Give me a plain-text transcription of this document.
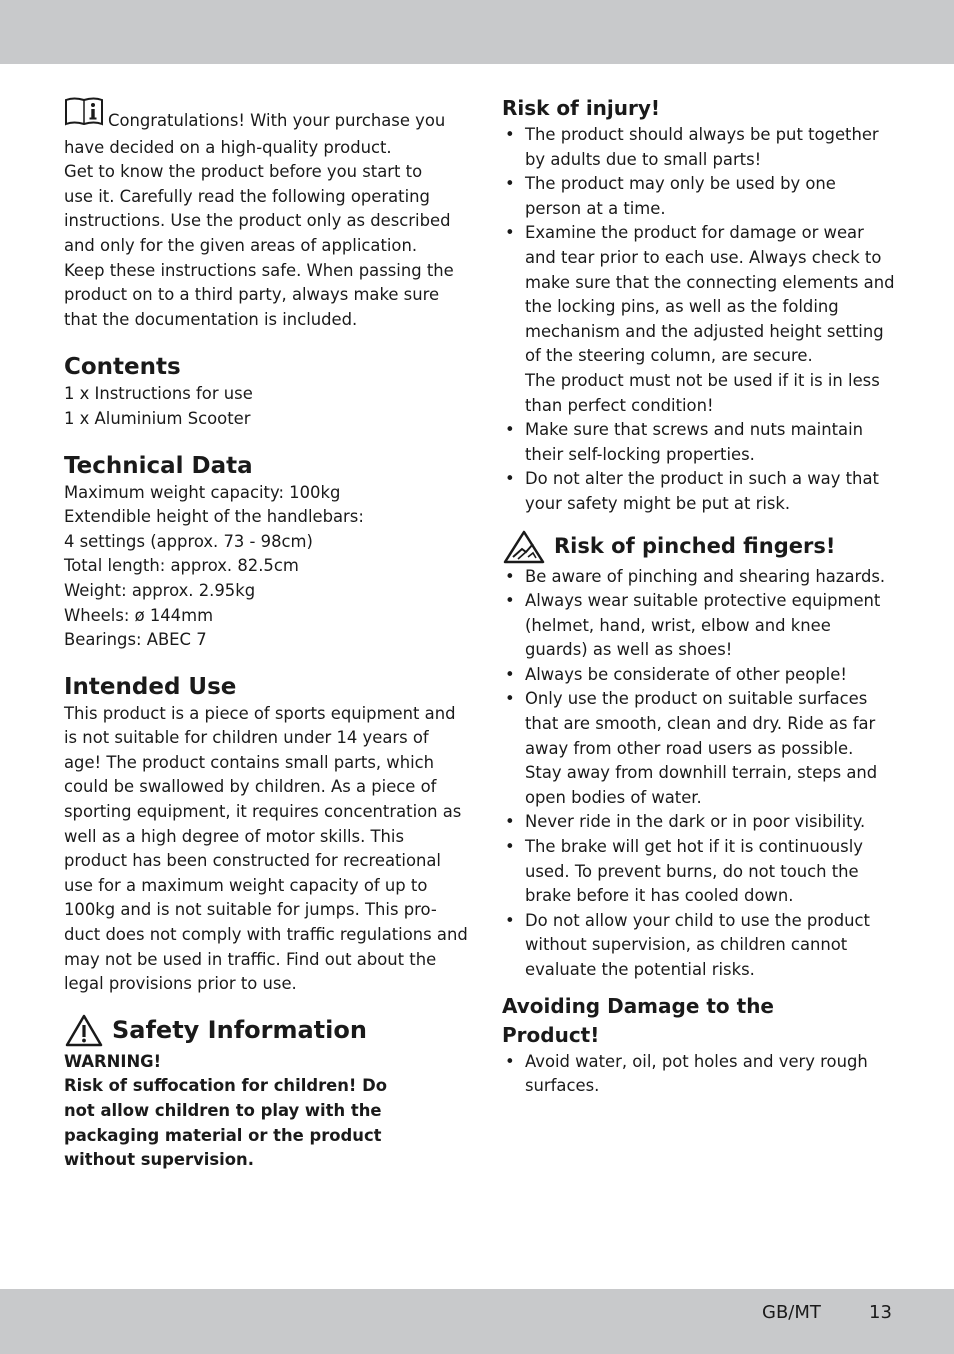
Congratulations! With your purchase you
have decided on a high-quality product.
Get to know the product before you start to
use it. Carefully read the following operating
instructions. Use the product only as described
and only for the given areas of application.
Keep these instructions safe. When passing the
product on to a third party, always make sure
that the documentation is included.

Contents

1 x Instructions for use
1 x Aluminium Scooter

Technical Data

Maximum weight capacity: 100kg
Extendible height of the handlebars:
4 settings (approx. 73 - 98cm)
Total length: approx. 82.5cm
Weight: approx. 2.95kg
Wheels: ø 144mm
Bearings: ABEC 7

Intended Use

This product is a piece of sports equipment and
is not suitable for children under 14 years of
age! The product contains small parts, which
could be swallowed by children. As a piece of
sporting equipment, it requires concentration as
well as a high degree of motor skills. This
product has been constructed for recreational
use for a maximum weight capacity of up to
100kg and is not suitable for jumps. This pro-
duct does not comply with traffic regulations and
may not be used in traffic. Find out about the
legal provisions prior to use.

Safety Information

WARNING!
Risk of suffocation for children! Do
not allow children to play with the
packaging material or the product
without supervision.

Risk of injury!
• The product should always be put together
by adults due to small parts!
• The product may only be used by one
person at a time.
• Examine the product for damage or wear
and tear prior to each use. Always check to
make sure that the connecting elements and
the locking pins, as well as the folding
mechanism and the adjusted height setting
of the steering column, are secure.
The product must not be used if it is in less
than perfect condition!
• Make sure that screws and nuts maintain
their self-locking properties.
• Do not alter the product in such a way that
your safety might be put at risk.
Risk of pinched fingers!
• Be aware of pinching and shearing hazards.
• Always wear suitable protective equipment
(helmet, hand, wrist, elbow and knee
guards) as well as shoes!
• Always be considerate of other people!
• Only use the product on suitable surfaces
that are smooth, clean and dry. Ride as far
away from other road users as possible.
Stay away from downhill terrain, steps and
open bodies of water.
• Never ride in the dark or in poor visibility.
• The brake will get hot if it is continuously
used. To prevent burns, do not touch the
brake before it has cooled down.
• Do not allow your child to use the product
without supervision, as children cannot
evaluate the potential risks.
Avoiding Damage to the
Product!
• Avoid water, oil, pot holes and very rough
surfaces.
GB/MT	13
